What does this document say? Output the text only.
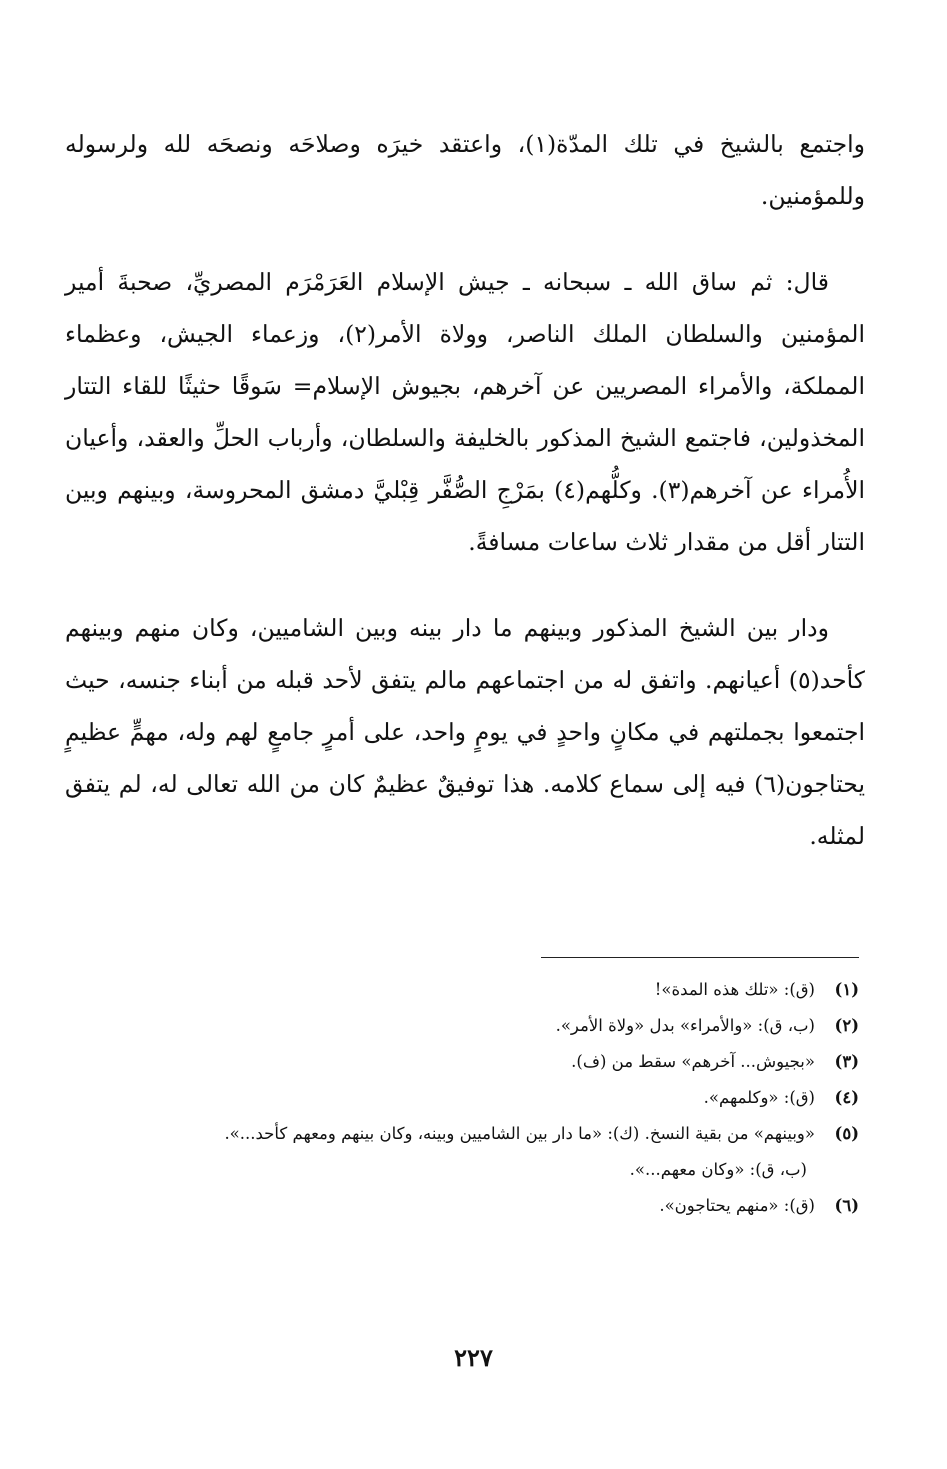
واجتمع بالشيخ في تلك المدّة(١)، واعتقد خيرَه وصلاحَه ونصحَه لله ولرسوله وللمؤمنين.

قال: ثم ساق الله ـ سبحانه ـ جيش الإسلام العَرَمْرَم المصريِّ، صحبةَ أمير المؤمنين والسلطان الملك الناصر، وولاة الأمر(٢)، وزعماء الجيش، وعظماء المملكة، والأمراء المصريين عن آخرهم، بجيوش الإسلام= سَوقًا حثيثًا للقاء التتار المخذولين، فاجتمع الشيخ المذكور بالخليفة والسلطان، وأرباب الحلِّ والعقد، وأعيان الأُمراء عن آخرهم(٣). وكلُّهم(٤) بمَرْجِ الصُّفَّر قِبْليَّ دمشق المحروسة، وبينهم وبين التتار أقل من مقدار ثلاث ساعات مسافةً.

ودار بين الشيخ المذكور وبينهم ما دار بينه وبين الشاميين، وكان منهم وبينهم كأحد(٥) أعيانهم. واتفق له من اجتماعهم مالم يتفق لأحد قبله من أبناء جنسه، حيث اجتمعوا بجملتهم في مكانٍ واحدٍ في يومٍ واحد، على أمرٍ جامعٍ لهم وله، مهمٍّ عظيمٍ يحتاجون(٦) فيه إلى سماع كلامه. هذا توفيقٌ عظيمٌ كان من الله تعالى له، لم يتفق لمثله.

(١)
(ق): «تلك هذه المدة»!
(٢)
(ب، ق): «والأمراء» بدل «ولاة الأمر».
(٣)
«بجيوش... آخرهم» سقط من (ف).
(٤)
(ق): «وكلمهم».
(٥)
«وبينهم» من بقية النسخ. (ك): «ما دار بين الشاميين وبينه، وكان بينهم ومعهم كأحد...».
(ب، ق): «وكان معهم...».
(٦)
(ق): «منهم يحتاجون».
٢٢٧
